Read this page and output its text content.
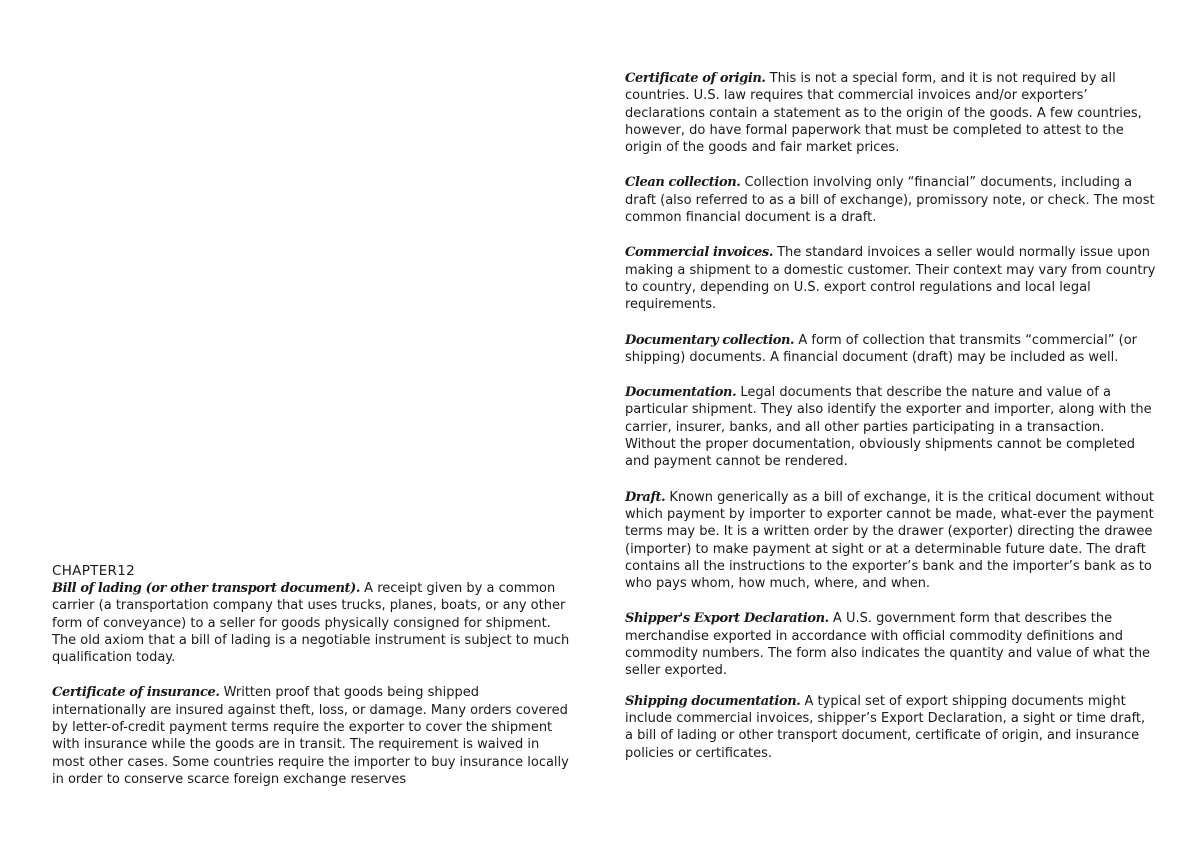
CHAPTER12

Bill of lading (or other transport document). A receipt given by a common carrier (a transportation company that uses trucks, planes, boats, or any other form of conveyance) to a seller for goods physically consigned for shipment. The old axiom that a bill of lading is a negotiable instrument is subject to much qualification today.

Certificate of insurance. Written proof that goods being shipped internationally are insured against theft, loss, or damage. Many orders covered by letter-of-credit payment terms require the exporter to cover the shipment with insurance while the goods are in transit. The requirement is waived in most other cases. Some countries require the importer to buy insurance locally in order to conserve scarce foreign exchange reserves

Certificate of origin. This is not a special form, and it is not required by all countries. U.S. law requires that commercial invoices and/or exporters’ declarations contain a statement as to the origin of the goods. A few countries, however, do have formal paperwork that must be completed to attest to the origin of the goods and fair market prices.

Clean collection. Collection involving only “financial” documents, including a draft (also referred to as a bill of exchange), promissory note, or check. The most common financial document is a draft.

Commercial invoices. The standard invoices a seller would normally issue upon making a shipment to a domestic customer. Their context may vary from country to country, depending on U.S. export control regulations and local legal requirements.

Documentary collection. A form of collection that transmits “commercial” (or shipping) documents. A financial document (draft) may be included as well.

Documentation. Legal documents that describe the nature and value of a particular shipment. They also identify the exporter and importer, along with the carrier, insurer, banks, and all other parties participating in a transaction. Without the proper documentation, obviously shipments cannot be completed and payment cannot be rendered.

Draft. Known generically as a bill of exchange, it is the critical document without which payment by importer to exporter cannot be made, what-ever the payment terms may be. It is a written order by the drawer (exporter) directing the drawee (importer) to make payment at sight or at a determinable future date. The draft contains all the instructions to the exporter’s bank and the importer’s bank as to who pays whom, how much, where, and when.

Shipper's Export Declaration. A U.S. government form that describes the merchandise exported in accordance with official commodity definitions and commodity numbers. The form also indicates the quantity and value of what the seller exported.

Shipping documentation. A typical set of export shipping documents might include commercial invoices, shipper’s Export Declaration, a sight or time draft, a bill of lading or other transport document, certificate of origin, and insurance policies or certificates.
